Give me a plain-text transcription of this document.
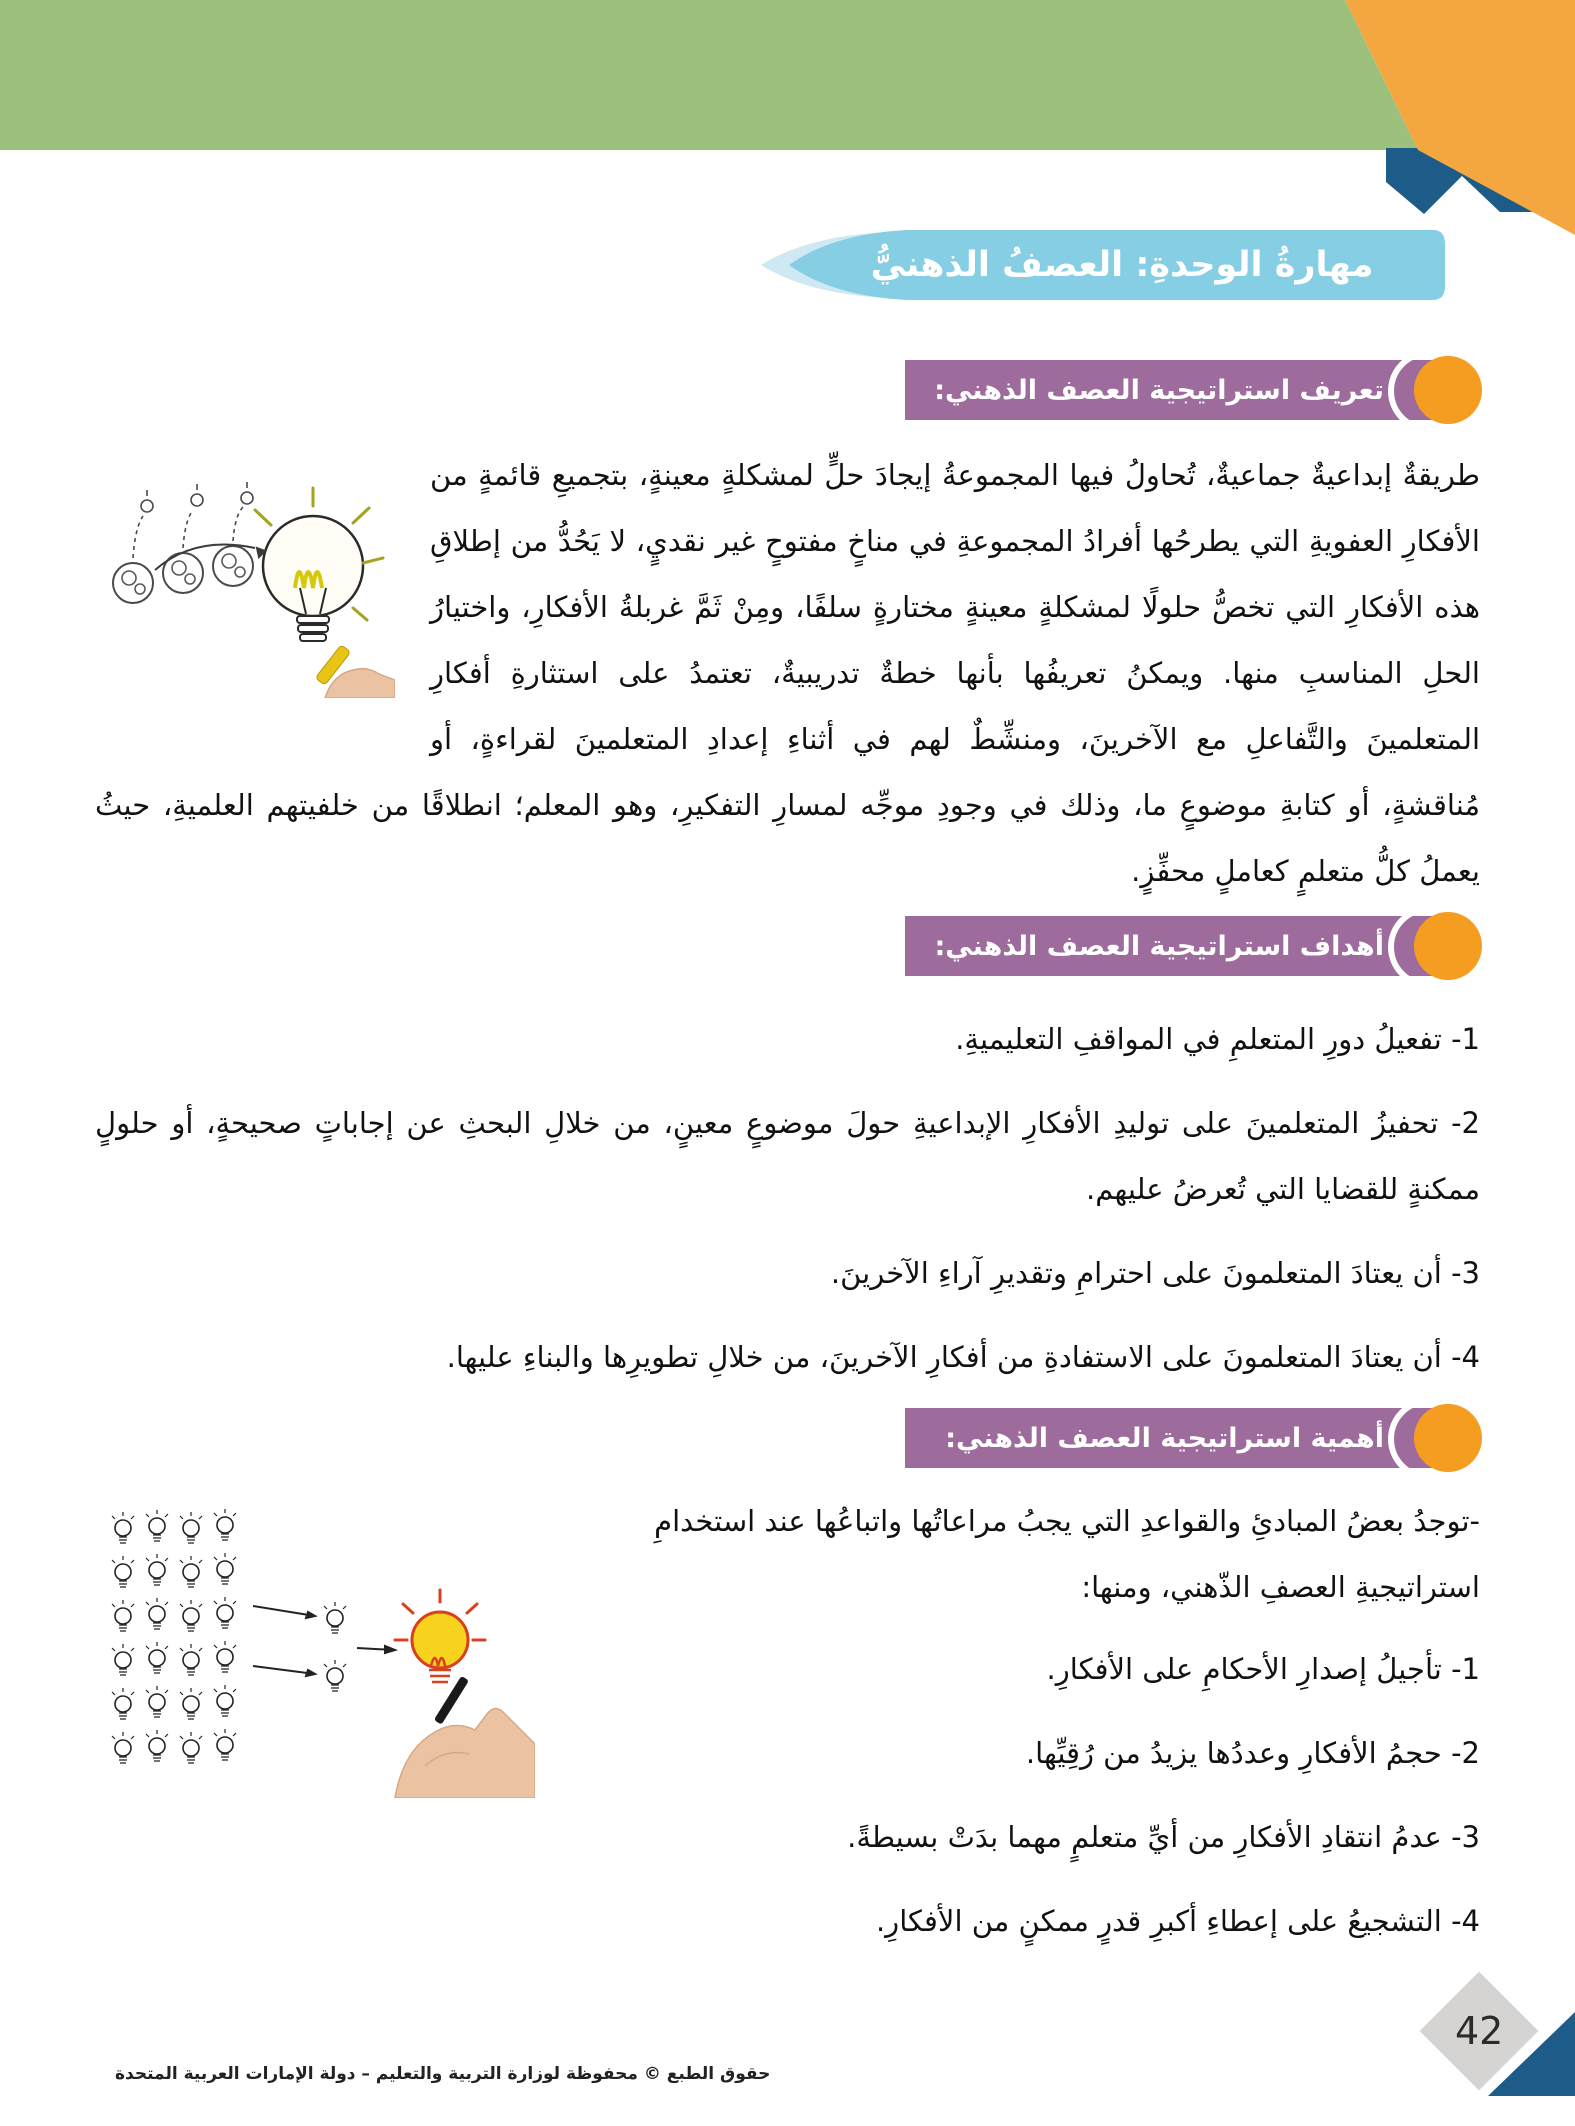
مهارةُ الوحدةِ: العصفُ الذهنيُّ
تعريف استراتيجية العصف الذهني:

طريقةٌ إبداعيةٌ جماعيةٌ، تُحاولُ فيها المجموعةُ إيجادَ حلٍّ لمشكلةٍ معينةٍ، بتجميعِ قائمةٍ من الأفكارِ العفويةِ التي يطرحُها أفرادُ المجموعةِ في مناخٍ مفتوحٍ غير نقديٍ، لا يَحُدُّ من إطلاقِ هذه الأفكارِ التي تخصُّ حلولًا لمشكلةٍ معينةٍ مختارةٍ سلفًا، ومِنْ ثَمَّ غربلةُ الأفكارِ، واختيارُ الحلِ المناسبِ منها. ويمكنُ تعريفُها بأنها خطةٌ تدريبيةٌ، تعتمدُ على استثارةِ أفكارِ المتعلمينَ والتَّفاعلِ مع الآخرينَ، ومنشِّطٌ لهم في أثناءِ إعدادِ المتعلمينَ لقراءةٍ، أو مُناقشةٍ، أو كتابةِ موضوعٍ ما، وذلك في وجودِ موجِّه لمسارِ التفكيرِ، وهو المعلم؛ انطلاقًا من خلفيتهم العلميةِ، حيثُ يعملُ كلُّ متعلمٍ كعاملٍ محفِّزٍ.

أهداف استراتيجية العصف الذهني:
1- تفعيلُ دورِ المتعلمِ في المواقفِ التعليميةِ.
2- تحفيزُ المتعلمينَ على توليدِ الأفكارِ الإبداعيةِ حولَ موضوعٍ معينٍ، من خلالِ البحثِ عن إجاباتٍ صحيحةٍ، أو حلولٍ ممكنةٍ للقضايا التي تُعرضُ عليهم.
3- أن يعتادَ المتعلمونَ على احترامِ وتقديرِ آراءِ الآخرينَ.
4- أن يعتادَ المتعلمونَ على الاستفادةِ من أفكارِ الآخرينَ، من خلالِ تطويرِها والبناءِ عليها.
أهمية استراتيجية العصف الذهني:

-توجدُ بعضُ المبادئِ والقواعدِ التي يجبُ مراعاتُها واتباعُها عند استخدامِ استراتيجيةِ العصفِ الذّهني، ومنها:

1- تأجيلُ إصدارِ الأحكامِ على الأفكارِ.
2- حجمُ الأفكارِ وعددُها يزيدُ من رُقِيِّها.
3- عدمُ انتقادِ الأفكارِ من أيِّ متعلمٍ مهما بدَتْ بسيطةً.
4- التشجيعُ على إعطاءِ أكبرِ قدرٍ ممكنٍ من الأفكارِ.
حقوق الطبع © محفوظة لوزارة التربية والتعليم – دولة الإمارات العربية المتحدة
42
